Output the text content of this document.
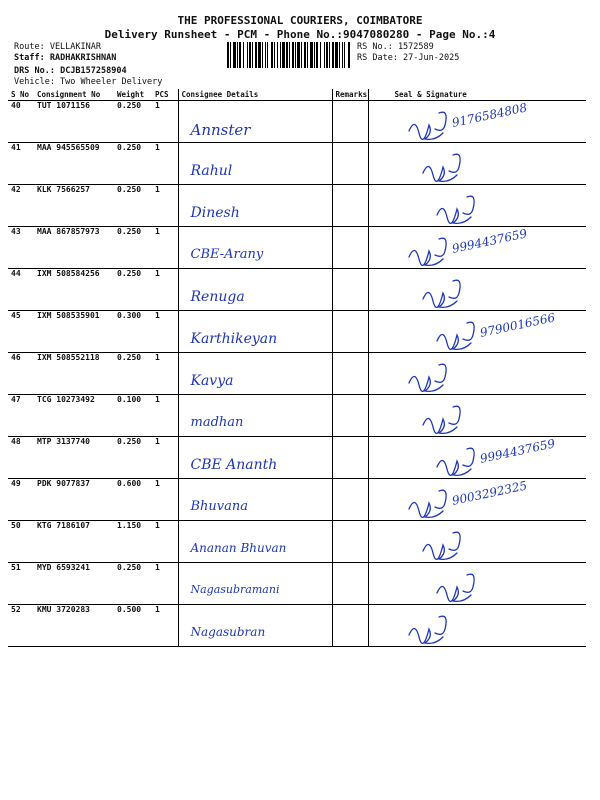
THE PROFESSIONAL COURIERS, COIMBATORE
Delivery Runsheet - PCM - Phone No.:9047080280 - Page No.:4
Route: VELLAKINAR
Staff: RADHAKRISHNAN
DRS No.: DCJB157258904
Vehicle: Two Wheeler Delivery
RS No.: 1572589
RS Date: 27-Jun-2025
S No	Consignment No	Weight	PCS	Consignee Details	Remarks	Seal & Signature
40	TUT 1071156	0.250	1	Annster		9176584808

41	MAA 945565509	0.250	1	Rahul

42	KLK 7566257	0.250	1	Dinesh

43	MAA 867857973	0.250	1	CBE-Arany		9994437659

44	IXM 508584256	0.250	1	Renuga

45	IXM 508535901	0.300	1	Karthikeyan		9790016566

46	IXM 508552118	0.250	1	Kavya

47	TCG 10273492	0.100	1	madhan

48	MTP 3137740	0.250	1	CBE Ananth		9994437659

49	PDK 9077837	0.600	1	Bhuvana		9003292325

50	KTG 7186107	1.150	1	Ananan Bhuvan

51	MYD 6593241	0.250	1	Nagasubramani

52	KMU 3720283	0.500	1	Nagasubran
